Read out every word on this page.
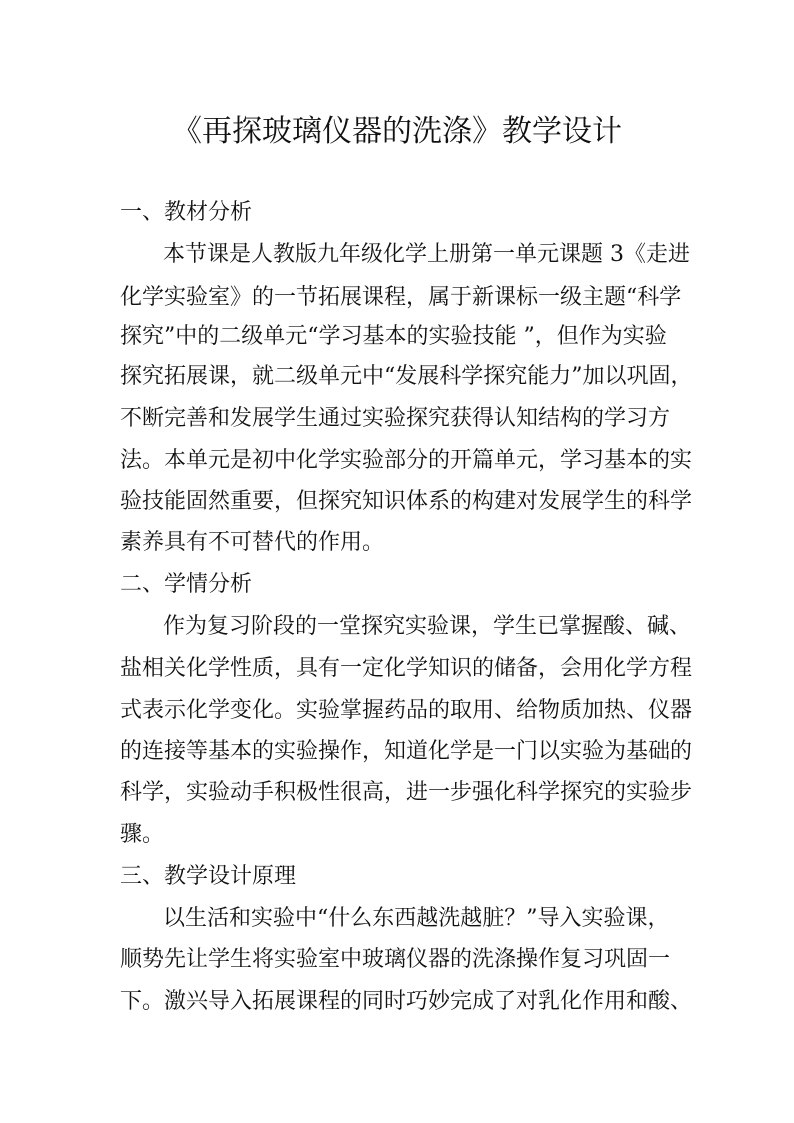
《再探玻璃仪器的洗涤》教学设计

一、教材分析

本节课是人教版九年级化学上册第一单元课题 3《走进

化学实验室》的一节拓展课程，属于新课标一级主题“科学

探究”中的二级单元“学习基本的实验技能 ”，但作为实验

探究拓展课，就二级单元中“发展科学探究能力”加以巩固，

不断完善和发展学生通过实验探究获得认知结构的学习方

法。本单元是初中化学实验部分的开篇单元，学习基本的实

验技能固然重要，但探究知识体系的构建对发展学生的科学

素养具有不可替代的作用。

二、学情分析

作为复习阶段的一堂探究实验课，学生已掌握酸、碱、

盐相关化学性质，具有一定化学知识的储备，会用化学方程

式表示化学变化。实验掌握药品的取用、给物质加热、仪器

的连接等基本的实验操作，知道化学是一门以实验为基础的

科学，实验动手积极性很高，进一步强化科学探究的实验步

骤。

三、教学设计原理

以生活和实验中“什么东西越洗越脏？”导入实验课，

顺势先让学生将实验室中玻璃仪器的洗涤操作复习巩固一

下。激兴导入拓展课程的同时巧妙完成了对乳化作用和酸、
